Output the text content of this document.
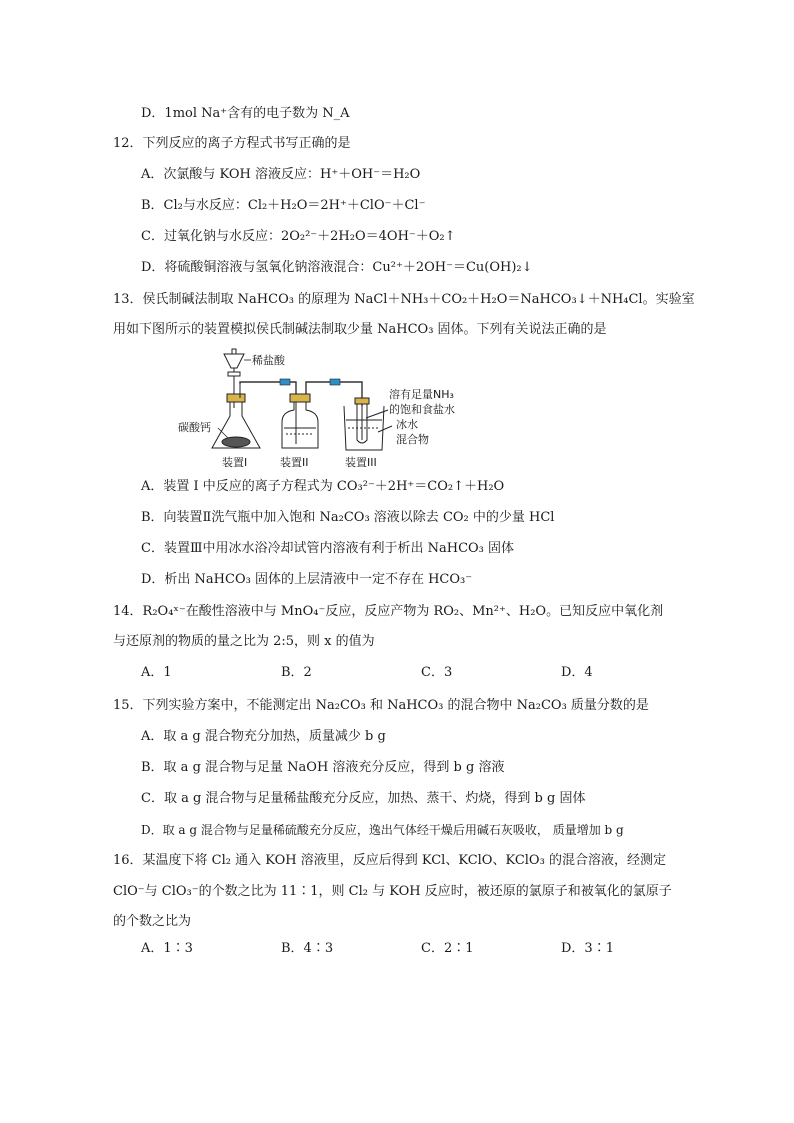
D．1mol Na⁺含有的电子数为 N_A
12．下列反应的离子方程式书写正确的是
A．次氯酸与 KOH 溶液反应：H⁺＋OH⁻＝H₂O
B．Cl₂与水反应：Cl₂＋H₂O＝2H⁺＋ClO⁻＋Cl⁻
C．过氧化钠与水反应：2O₂²⁻＋2H₂O＝4OH⁻＋O₂↑
D．将硫酸铜溶液与氢氧化钠溶液混合：Cu²⁺＋2OH⁻＝Cu(OH)₂↓
13．侯氏制碱法制取 NaHCO₃ 的原理为 NaCl＋NH₃＋CO₂＋H₂O＝NaHCO₃↓＋NH₄Cl。实验室
用如下图所示的装置模拟侯氏制碱法制取少量 NaHCO₃ 固体。下列有关说法正确的是
稀盐酸
碳酸钙
溶有足量NH₃
的饱和食盐水
冰水
混合物
装置I	装置II	装置III
A．装置 I 中反应的离子方程式为 CO₃²⁻＋2H⁺＝CO₂↑＋H₂O
B．向装置Ⅱ洗气瓶中加入饱和 Na₂CO₃ 溶液以除去 CO₂ 中的少量 HCl
C．装置Ⅲ中用冰水浴冷却试管内溶液有利于析出 NaHCO₃ 固体
D．析出 NaHCO₃ 固体的上层清液中一定不存在 HCO₃⁻
14．R₂O₄ˣ⁻在酸性溶液中与 MnO₄⁻反应，反应产物为 RO₂、Mn²⁺、H₂O。已知反应中氧化剂
与还原剂的物质的量之比为 2:5，则 x 的值为
A．1	B．2	C．3	D．4
15．下列实验方案中，不能测定出 Na₂CO₃ 和 NaHCO₃ 的混合物中 Na₂CO₃ 质量分数的是
A．取 a g 混合物充分加热，质量减少 b g
B．取 a g 混合物与足量 NaOH 溶液充分反应，得到 b g 溶液
C．取 a g 混合物与足量稀盐酸充分反应，加热、蒸干、灼烧，得到 b g 固体
D．取 a g 混合物与足量稀硫酸充分反应，逸出气体经干燥后用碱石灰吸收， 质量增加 b g
16．某温度下将 Cl₂ 通入 KOH 溶液里，反应后得到 KCl、KClO、KClO₃ 的混合溶液，经测定
ClO⁻与 ClO₃⁻的个数之比为 11∶1，则 Cl₂ 与 KOH 反应时，被还原的氯原子和被氧化的氯原子
的个数之比为
A．1∶3	B．4∶3	C．2∶1	D．3∶1
